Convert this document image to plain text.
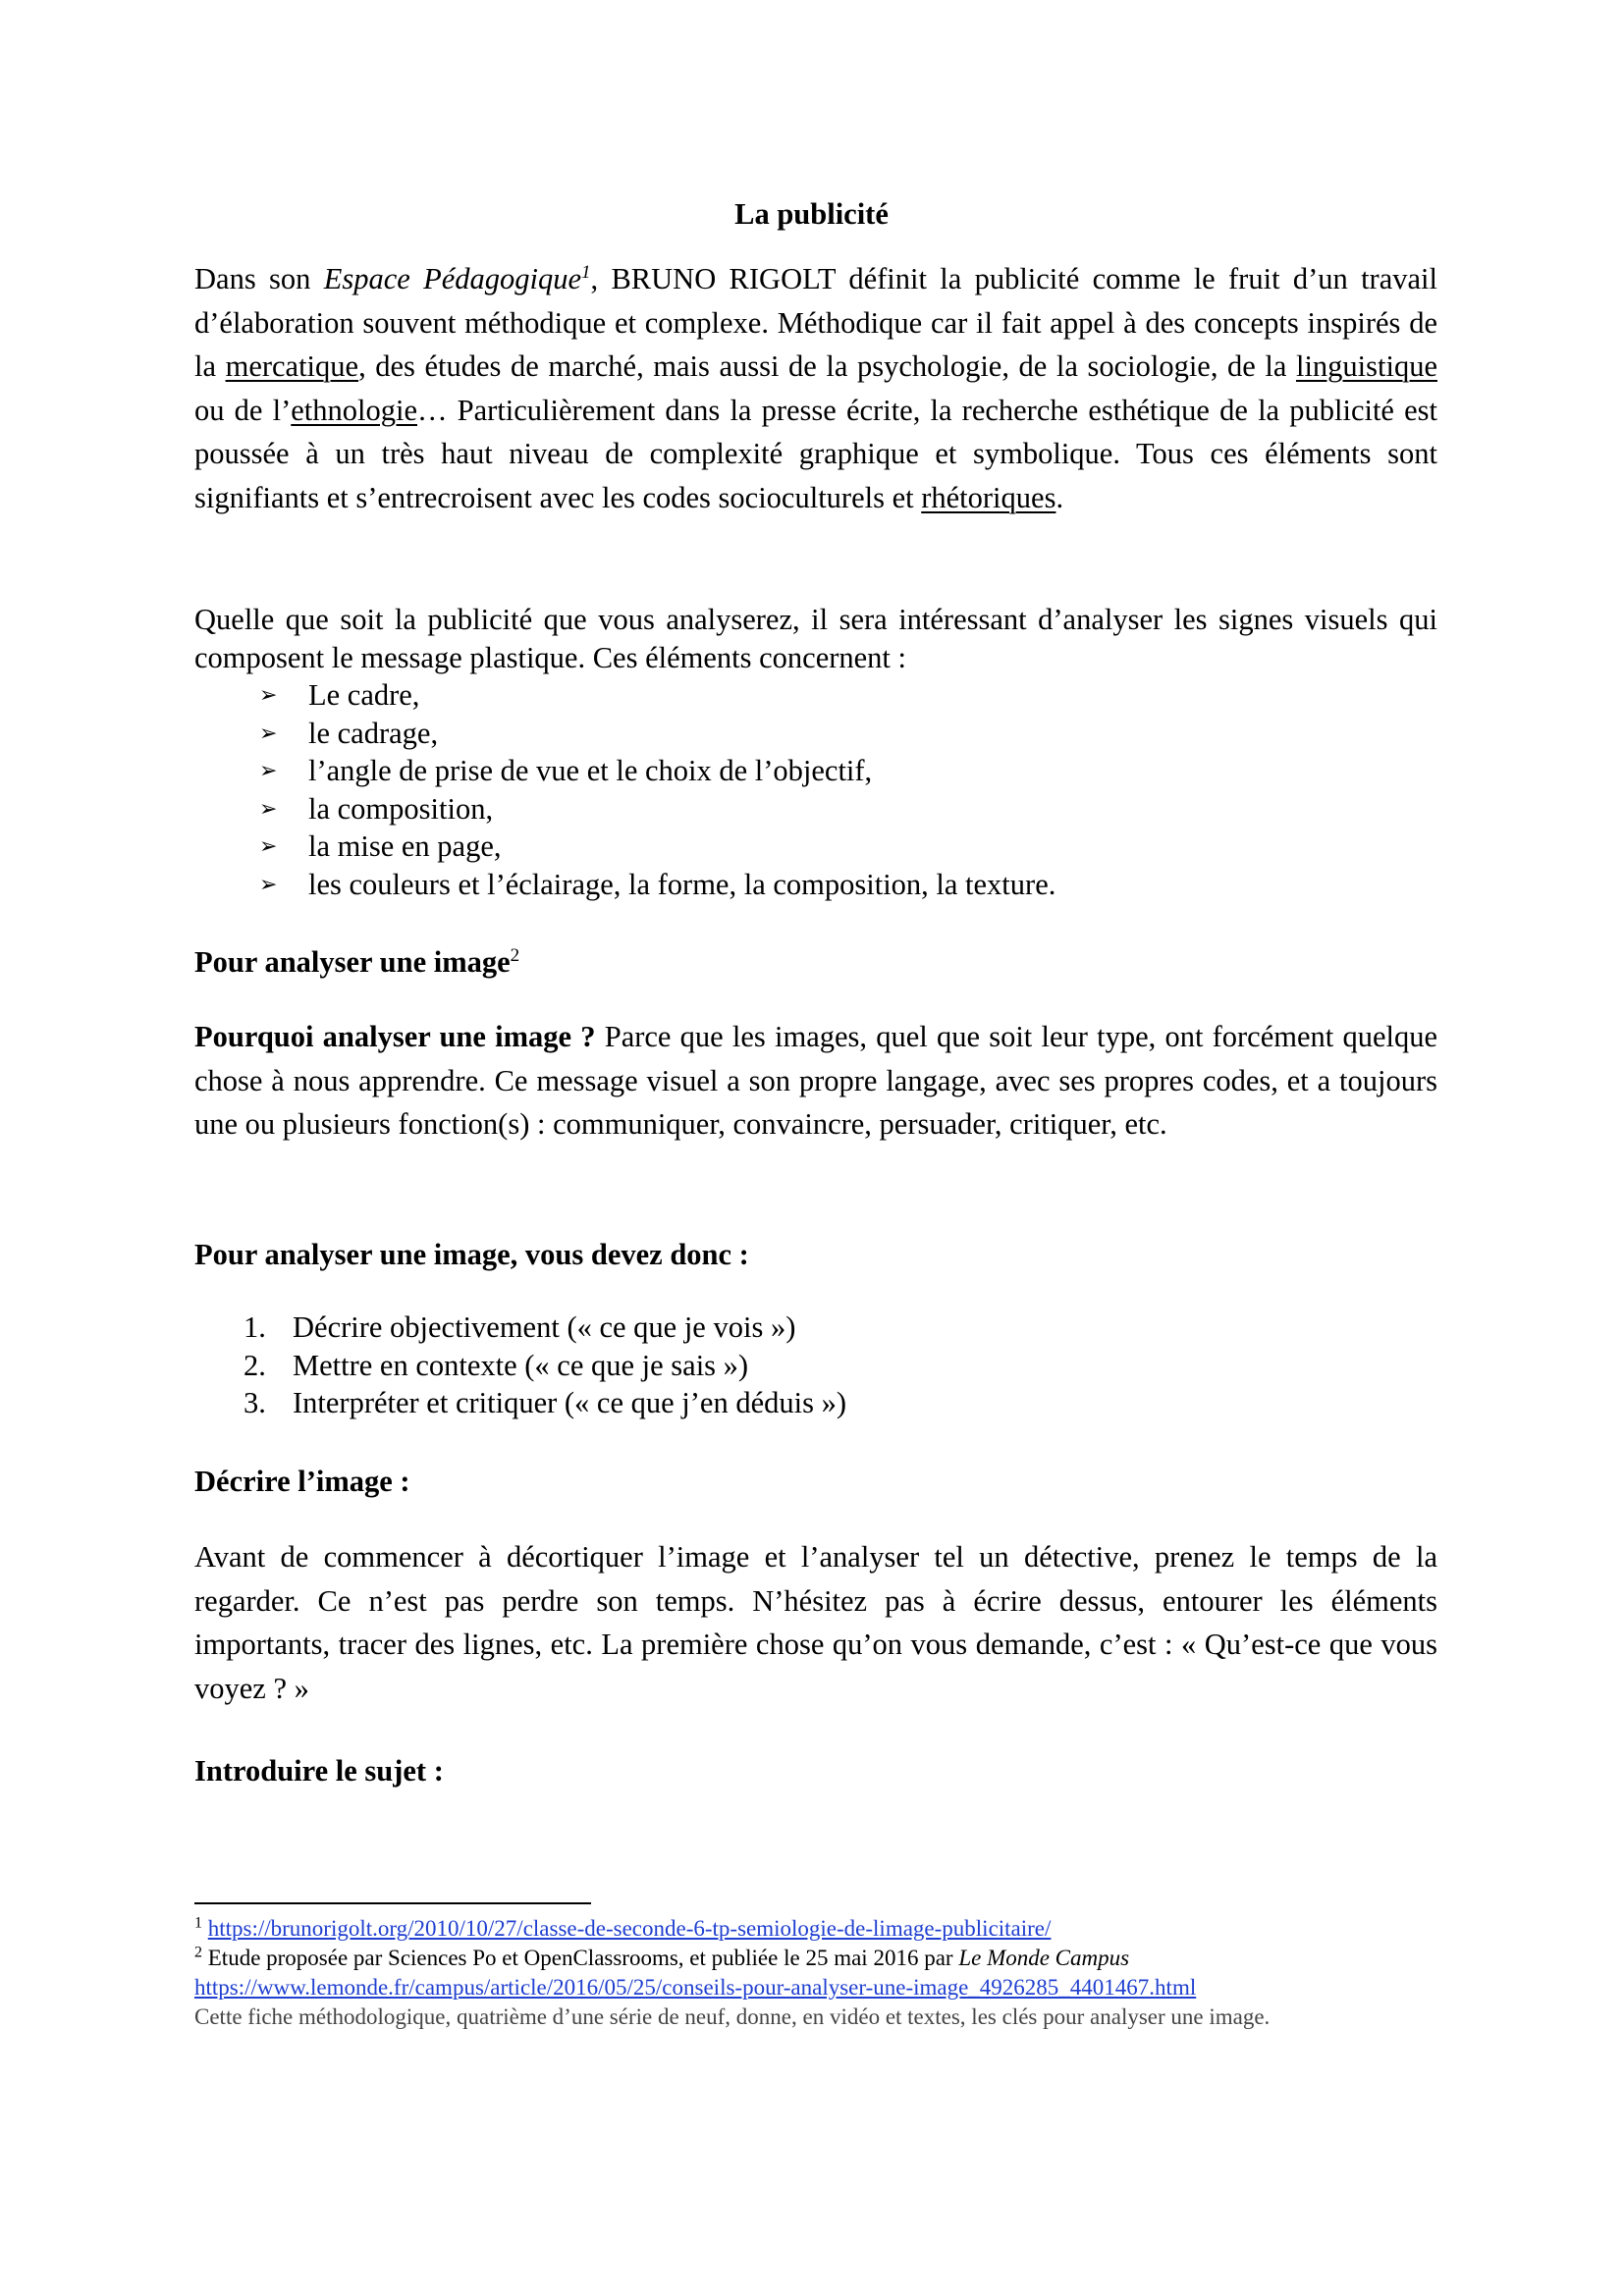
La publicité

Dans son Espace Pédagogique$^1$, BRUNO RIGOLT définit la publicité comme le fruit d’un travail d’élaboration souvent méthodique et complexe. Méthodique car il fait appel à des concepts inspirés de la mercatique, des études de marché, mais aussi de la psychologie, de la sociologie, de la linguistique ou de l’ethnologie… Particulièrement dans la presse écrite, la recherche esthétique de la publicité est poussée à un très haut niveau de complexité graphique et symbolique. Tous ces éléments sont signifiants et s’entrecroisent avec les codes socioculturels et rhétoriques.

Quelle que soit la publicité que vous analyserez, il sera intéressant d’analyser les signes visuels qui composent le message plastique. Ces éléments concernent :

➢ Le cadre,
➢ le cadrage,
➢ l’angle de prise de vue et le choix de l’objectif,
➢ la composition,
➢ la mise en page,
➢ les couleurs et l’éclairage, la forme, la composition, la texture.
Pour analyser une image$^2$

Pourquoi analyser une image ? Parce que les images, quel que soit leur type, ont forcément quelque chose à nous apprendre. Ce message visuel a son propre langage, avec ses propres codes, et a toujours une ou plusieurs fonction(s) : communiquer, convaincre, persuader, critiquer, etc.

Pour analyser une image, vous devez donc :
1. Décrire objectivement (« ce que je vois »)
2. Mettre en contexte (« ce que je sais »)
3. Interpréter et critiquer (« ce que j’en déduis »)
Décrire l’image :

Avant de commencer à décortiquer l’image et l’analyser tel un détective, prenez le temps de la regarder. Ce n’est pas perdre son temps. N’hésitez pas à écrire dessus, entourer les éléments importants, tracer des lignes, etc. La première chose qu’on vous demande, c’est : « Qu’est-ce que vous voyez ? »

Introduire le sujet :
$^1$ https://brunorigolt.org/2010/10/27/classe-de-seconde-6-tp-semiologie-de-limage-publicitaire/
$^2$ Etude proposée par Sciences Po et OpenClassrooms, et publiée le 25 mai 2016 par Le Monde Campus
https://www.lemonde.fr/campus/article/2016/05/25/conseils-pour-analyser-une-image_4926285_4401467.html
Cette fiche méthodologique, quatrième d’une série de neuf, donne, en vidéo et textes, les clés pour analyser une image.
